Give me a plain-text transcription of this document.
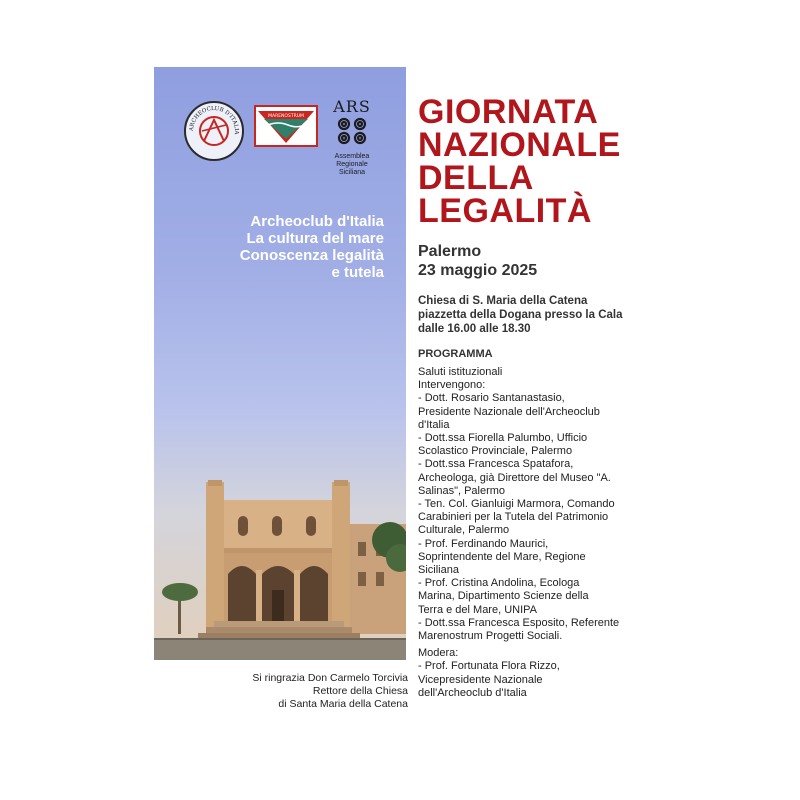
ARCHEOCLUB D'ITALIA
MARENOSTRUM
ARS
Assemblea Regionale
Siciliana
Archeoclub d'Italia
La cultura del mare
Conoscenza legalità
e tutela
Si ringrazia Don Carmelo Torcivia
Rettore della Chiesa
di Santa Maria della Catena
GIORNATA
NAZIONALE
DELLA
LEGALITÀ
Palermo
23 maggio 2025
Chiesa di S. Maria della Catena
piazzetta della Dogana presso la Cala
dalle 16.00 alle 18.30
PROGRAMMA
Saluti istituzionali
Intervengono:
- Dott. Rosario Santanastasio,
Presidente Nazionale dell'Archeoclub
d'Italia
- Dott.ssa Fiorella Palumbo, Ufficio
Scolastico Provinciale, Palermo
- Dott.ssa Francesca Spatafora,
Archeologa, già Direttore del Museo "A.
Salinas", Palermo
- Ten. Col. Gianluigi Marmora, Comando
Carabinieri per la Tutela del Patrimonio
Culturale, Palermo
- Prof. Ferdinando Maurici,
Soprintendente del Mare, Regione
Siciliana
- Prof. Cristina Andolina, Ecologa
Marina, Dipartimento Scienze della
Terra e del Mare, UNIPA
- Dott.ssa Francesca Esposito, Referente
Marenostrum Progetti Sociali.
Modera:
- Prof. Fortunata Flora Rizzo,
Vicepresidente Nazionale
dell'Archeoclub d'Italia
